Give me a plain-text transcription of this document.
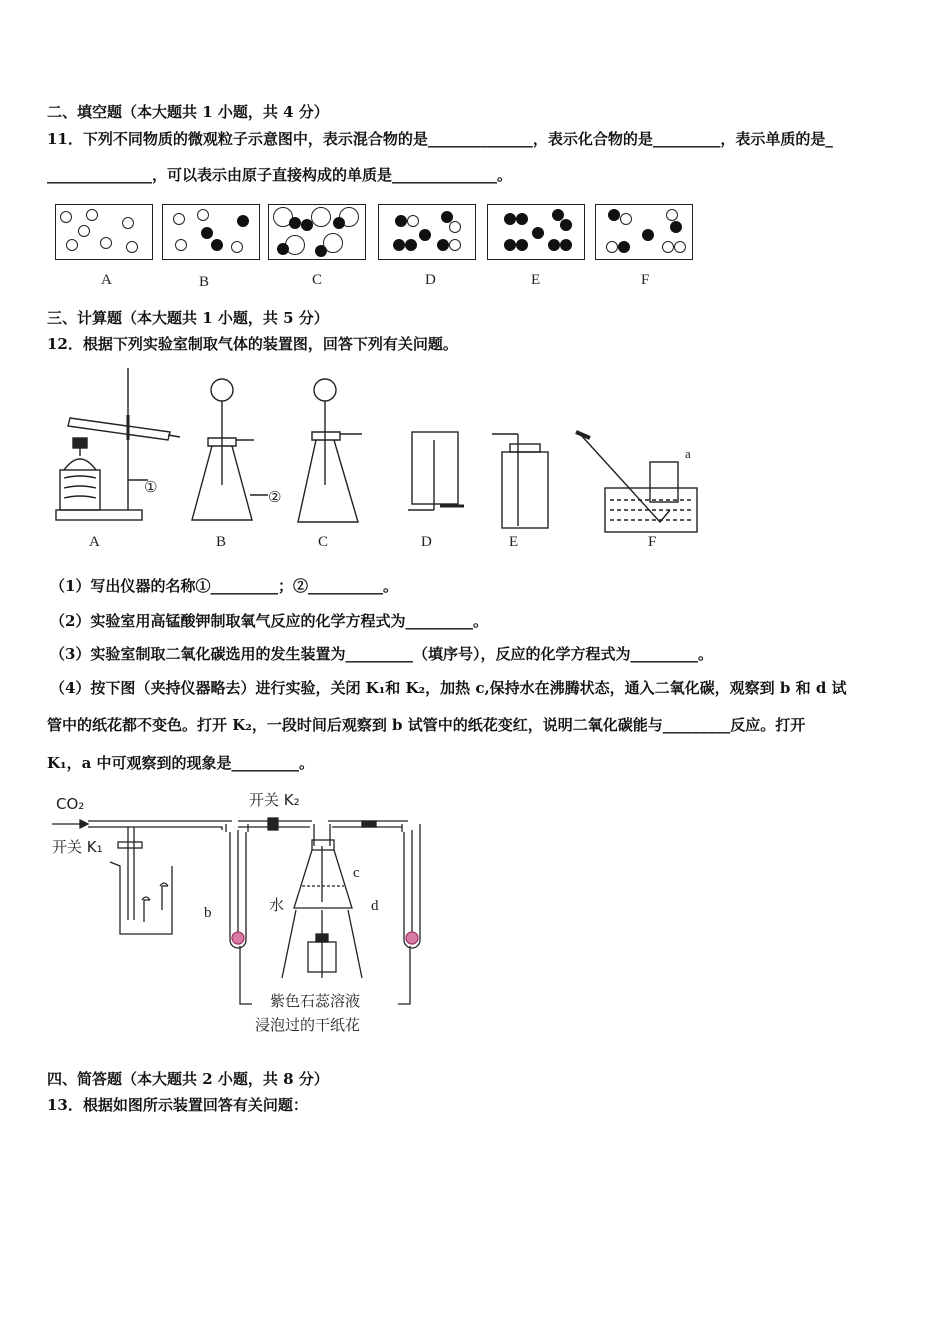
二、填空题（本大题共 1 小题，共 4 分）
11．下列不同物质的微观粒子示意图中，表示混合物的是______________，表示化合物的是_________，表示单质的是_
______________，可以表示由原子直接构成的单质是______________。
A	B	C	D	E	F
三、计算题（本大题共 1 小题，共 5 分）
12．根据下列实验室制取气体的装置图，回答下列有关问题。
①
②
a
A	B	C	D	E	F
（1）写出仪器的名称①_________；②__________。
（2）实验室用高锰酸钾制取氧气反应的化学方程式为_________。
（3）实验室制取二氧化碳选用的发生装置为_________（填序号），反应的化学方程式为_________。
（4）按下图（夹持仪器略去）进行实验，关闭 K₁和 K₂，加热 c,保持水在沸腾状态，通入二氧化碳，观察到 b 和 d 试
管中的纸花都不变色。打开 K₂，一段时间后观察到 b 试管中的纸花变红，说明二氧化碳能与_________反应。打开
K₁，a 中可观察到的现象是_________。
CO₂
开关 K₁
开关 K₂
b
c
d
水
紫色石蕊溶液
浸泡过的干纸花
四、简答题（本大题共 2 小题，共 8 分）
13．根据如图所示装置回答有关问题：
